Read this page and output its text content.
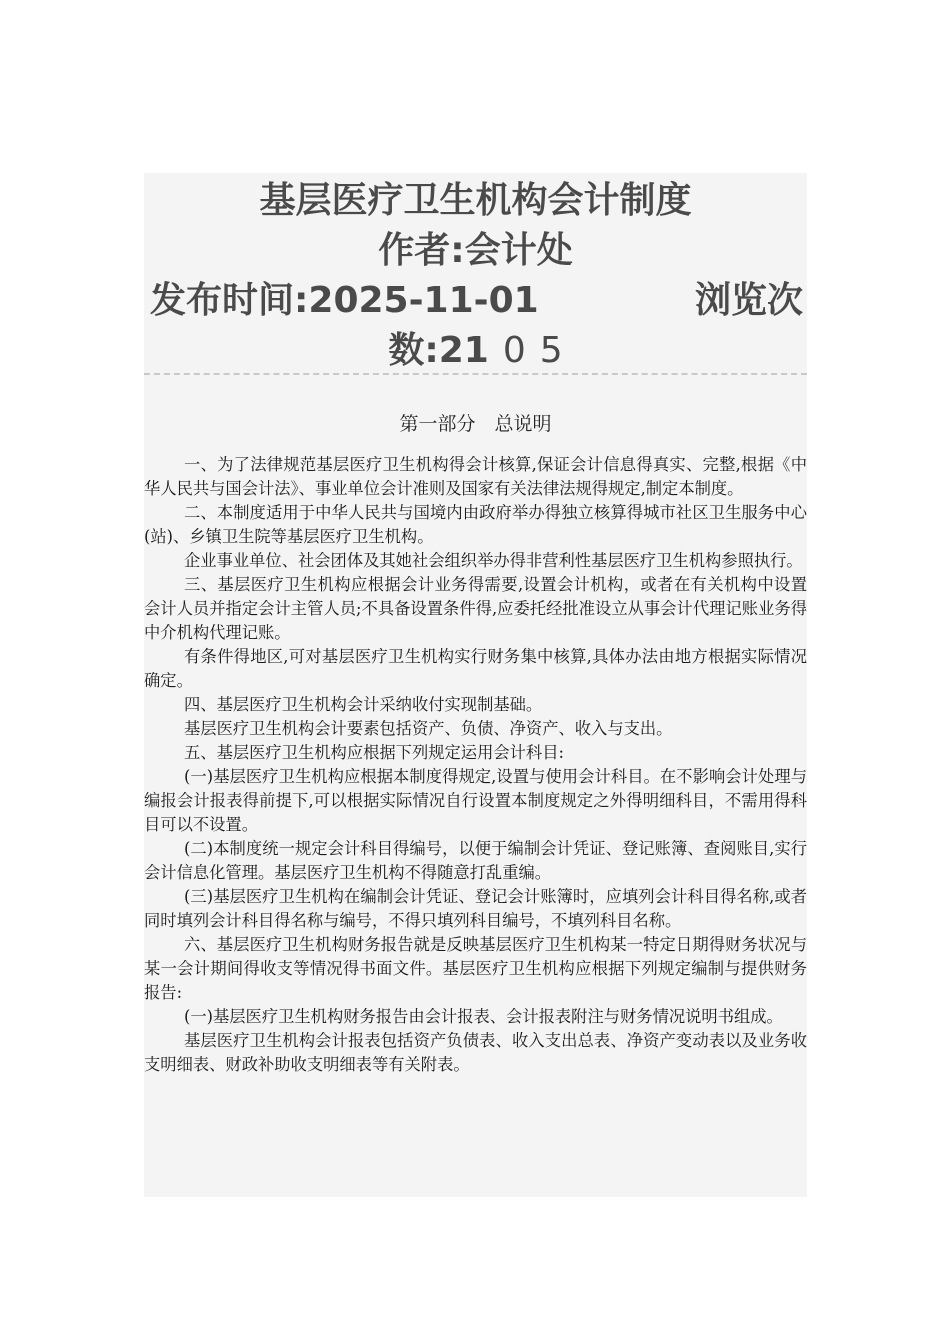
基层医疗卫生机构会计制度
作者:会计处
发布时间:2025-11-01	浏览次
数:21 0 5
第一部分　总说明

一、为了法律规范基层医疗卫生机构得会计核算,保证会计信息得真实、完整,根据《中华人民共与国会计法》、事业单位会计准则及国家有关法律法规得规定,制定本制度。

二、本制度适用于中华人民共与国境内由政府举办得独立核算得城市社区卫生服务中心(站)、乡镇卫生院等基层医疗卫生机构。

企业事业单位、社会团体及其她社会组织举办得非营利性基层医疗卫生机构参照执行。

三、基层医疗卫生机构应根据会计业务得需要,设置会计机构，或者在有关机构中设置会计人员并指定会计主管人员;不具备设置条件得,应委托经批准设立从事会计代理记账业务得中介机构代理记账。

有条件得地区,可对基层医疗卫生机构实行财务集中核算,具体办法由地方根据实际情况确定。

四、基层医疗卫生机构会计采纳收付实现制基础。

基层医疗卫生机构会计要素包括资产、负债、净资产、收入与支出。

五、基层医疗卫生机构应根据下列规定运用会计科目:

(一)基层医疗卫生机构应根据本制度得规定,设置与使用会计科目。在不影响会计处理与编报会计报表得前提下,可以根据实际情况自行设置本制度规定之外得明细科目，不需用得科目可以不设置。

(二)本制度统一规定会计科目得编号，以便于编制会计凭证、登记账簿、查阅账目,实行会计信息化管理。基层医疗卫生机构不得随意打乱重编。

(三)基层医疗卫生机构在编制会计凭证、登记会计账簿时，应填列会计科目得名称,或者同时填列会计科目得名称与编号，不得只填列科目编号，不填列科目名称。

六、基层医疗卫生机构财务报告就是反映基层医疗卫生机构某一特定日期得财务状况与某一会计期间得收支等情况得书面文件。基层医疗卫生机构应根据下列规定编制与提供财务报告:

(一)基层医疗卫生机构财务报告由会计报表、会计报表附注与财务情况说明书组成。

基层医疗卫生机构会计报表包括资产负债表、收入支出总表、净资产变动表以及业务收支明细表、财政补助收支明细表等有关附表。
